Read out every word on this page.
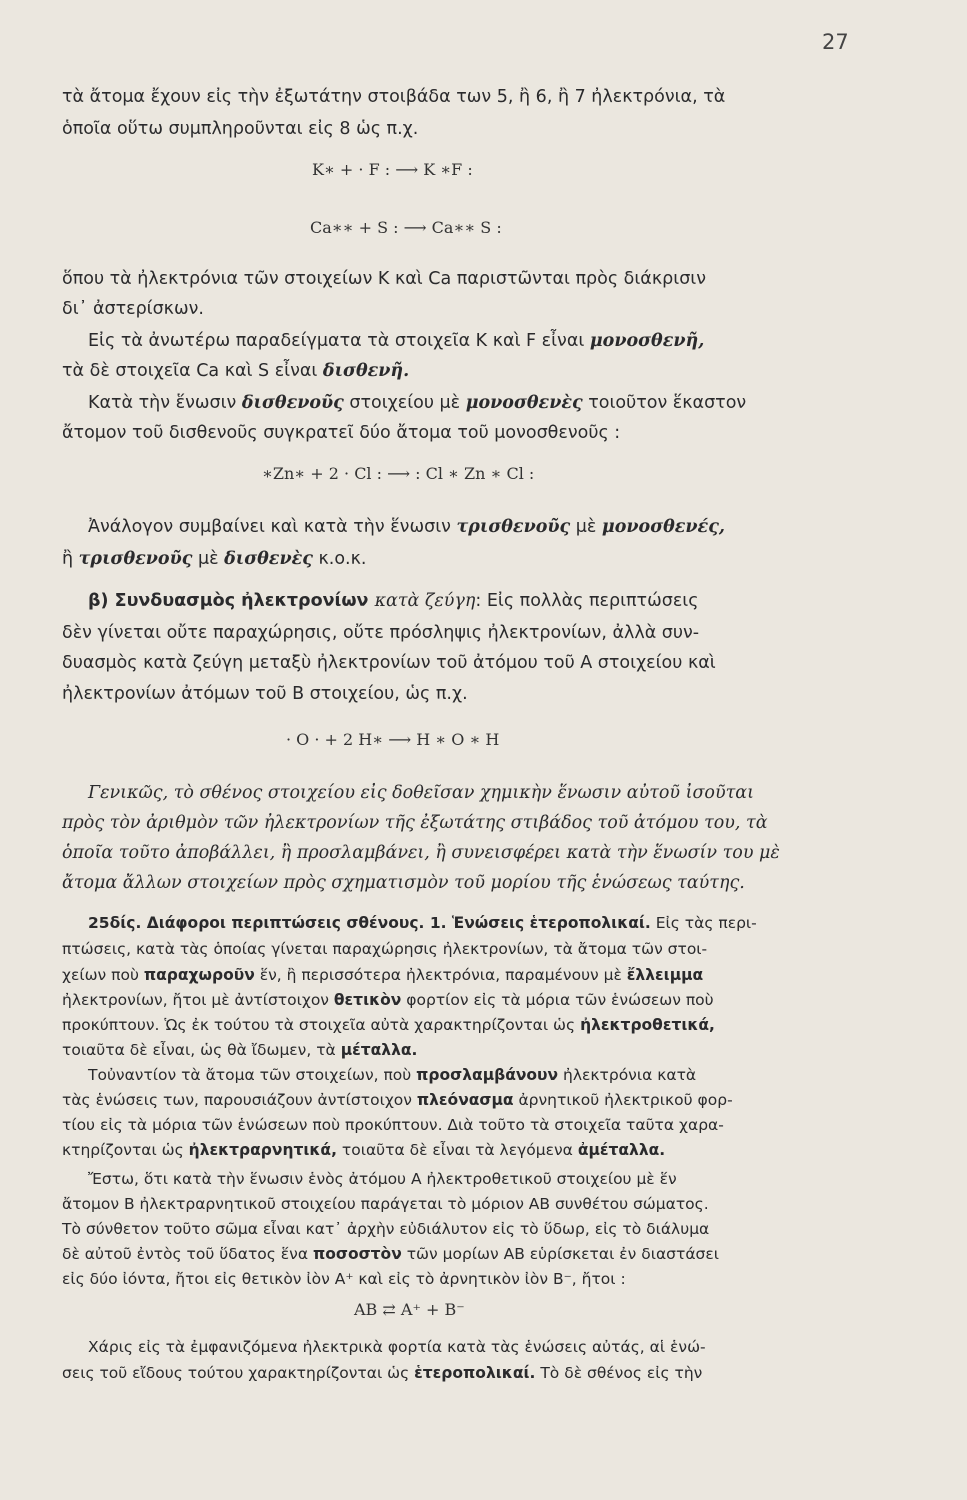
27
τὰ ἄτομα ἔχουν εἰς τὴν ἐξωτάτην στοιβάδα των 5, ἢ 6, ἢ 7 ἠλεκτρόνια, τὰ
ὁποῖα οὕτω συμπληροῦνται εἰς 8 ὡς π.χ.
K∗ + · F : ⟶ K ∗F :
Ca∗∗ + S : ⟶ Ca∗∗ S :
ὅπου τὰ ἠλεκτρόνια τῶν στοιχείων K καὶ Ca παριστῶνται πρὸς διάκρισιν
δι᾿ ἀστερίσκων.
Εἰς τὰ ἀνωτέρω παραδείγματα τὰ στοιχεῖα K καὶ F εἶναι μονοσθενῆ,
τὰ δὲ στοιχεῖα Ca καὶ S εἶναι δισθενῆ.
Κατὰ τὴν ἕνωσιν δισθενοῦς στοιχείου μὲ μονοσθενὲς τοιοῦτον ἕκαστον
ἄτομον τοῦ δισθενοῦς συγκρατεῖ δύο ἄτομα τοῦ μονοσθενοῦς :
∗Zn∗ + 2 · Cl : ⟶ : Cl ∗ Zn ∗ Cl :
Ἀνάλογον συμβαίνει καὶ κατὰ τὴν ἕνωσιν τρισθενοῦς μὲ μονοσθενές,
ἢ τρισθενοῦς μὲ δισθενὲς κ.ο.κ.
β) Συνδυασμὸς ἠλεκτρονίων κατὰ ζεύγη: Εἰς πολλὰς περιπτώσεις
δὲν γίνεται οὔτε παραχώρησις, οὔτε πρόσληψις ἠλεκτρονίων, ἀλλὰ συν-
δυασμὸς κατὰ ζεύγη μεταξὺ ἠλεκτρονίων τοῦ ἀτόμου τοῦ A στοιχείου καὶ
ἠλεκτρονίων ἀτόμων τοῦ B στοιχείου, ὡς π.χ.
· O · + 2 H∗ ⟶ H ∗ O ∗ H
Γενικῶς, τὸ σθένος στοιχείου εἰς δοθεῖσαν χημικὴν ἕνωσιν αὐτοῦ ἰσοῦται
πρὸς τὸν ἀριθμὸν τῶν ἠλεκτρονίων τῆς ἐξωτάτης στιβάδος τοῦ ἀτόμου του, τὰ
ὁποῖα τοῦτο ἀποβάλλει, ἢ προσλαμβάνει, ἢ συνεισφέρει κατὰ τὴν ἕνωσίν του μὲ
ἄτομα ἄλλων στοιχείων πρὸς σχηματισμὸν τοῦ μορίου τῆς ἑνώσεως ταύτης.
25δίς. Διάφοροι περιπτώσεις σθένους. 1. Ἑνώσεις ἑτεροπολικαί. Εἰς τὰς περι-
πτώσεις, κατὰ τὰς ὁποίας γίνεται παραχώρησις ἠλεκτρονίων, τὰ ἄτομα τῶν στοι-
χείων ποὺ παραχωροῦν ἕν, ἢ περισσότερα ἠλεκτρόνια, παραμένουν μὲ ἔλλειμμα
ἠλεκτρονίων, ἤτοι μὲ ἀντίστοιχον θετικὸν φορτίον εἰς τὰ μόρια τῶν ἑνώσεων ποὺ
προκύπτουν. Ὡς ἐκ τούτου τὰ στοιχεῖα αὐτὰ χαρακτηρίζονται ὡς ἠλεκτροθετικά,
τοιαῦτα δὲ εἶναι, ὡς θὰ ἴδωμεν, τὰ μέταλλα.
Τοὐναντίον τὰ ἄτομα τῶν στοιχείων, ποὺ προσλαμβάνουν ἠλεκτρόνια κατὰ
τὰς ἑνώσεις των, παρουσιάζουν ἀντίστοιχον πλεόνασμα ἀρνητικοῦ ἠλεκτρικοῦ φορ-
τίου εἰς τὰ μόρια τῶν ἑνώσεων ποὺ προκύπτουν. Διὰ τοῦτο τὰ στοιχεῖα ταῦτα χαρα-
κτηρίζονται ὡς ἠλεκτραρνητικά, τοιαῦτα δὲ εἶναι τὰ λεγόμενα ἀμέταλλα.
Ἔστω, ὅτι κατὰ τὴν ἕνωσιν ἑνὸς ἀτόμου A ἠλεκτροθετικοῦ στοιχείου μὲ ἕν
ἄτομον B ἠλεκτραρνητικοῦ στοιχείου παράγεται τὸ μόριον AB συνθέτου σώματος.
Τὸ σύνθετον τοῦτο σῶμα εἶναι κατ᾿ ἀρχὴν εὐδιάλυτον εἰς τὸ ὕδωρ, εἰς τὸ διάλυμα
δὲ αὐτοῦ ἐντὸς τοῦ ὕδατος ἕνα ποσοστὸν τῶν μορίων AB εὑρίσκεται ἐν διαστάσει
εἰς δύο ἰόντα, ἤτοι εἰς θετικὸν ἰὸν A⁺ καὶ εἰς τὸ ἀρνητικὸν ἰὸν B⁻, ἤτοι :
AB ⇄ A⁺ + B⁻
Χάρις εἰς τὰ ἐμφανιζόμενα ἠλεκτρικὰ φορτία κατὰ τὰς ἑνώσεις αὐτάς, αἱ ἑνώ-
σεις τοῦ εἴδους τούτου χαρακτηρίζονται ὡς ἑτεροπολικαί. Τὸ δὲ σθένος εἰς τὴν
